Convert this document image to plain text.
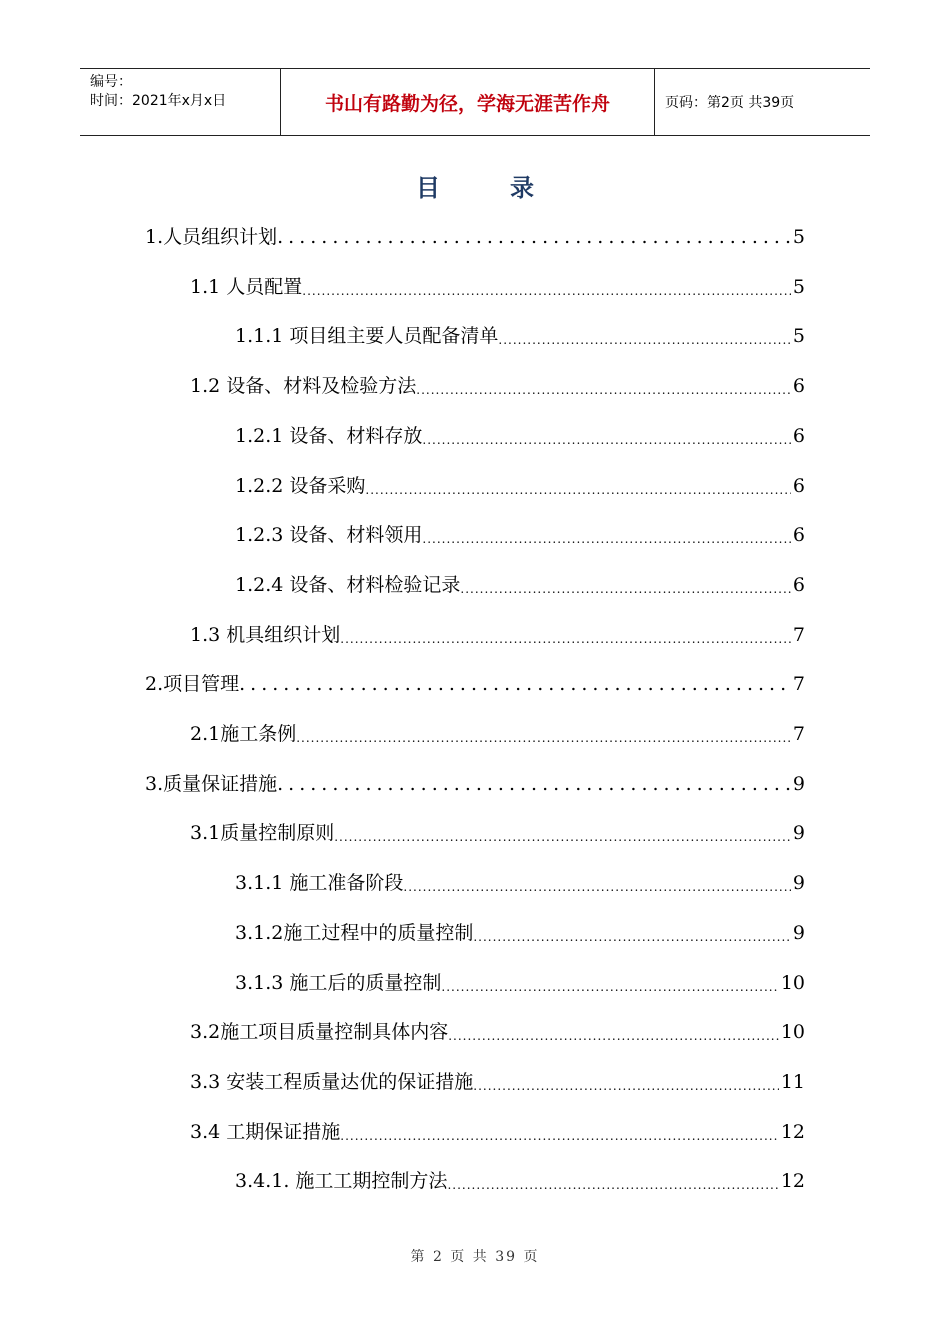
编号：
时间：2021年x月x日	书山有路勤为径，学海无涯苦作舟	页码：第2页 共39页
目录
1.人员组织计划 .....	5
1.1 人员配置 .....	5
1.1.1 项目组主要人员配备清单 .....	5
1.2 设备、材料及检验方法 .....	6
1.2.1 设备、材料存放 .....	6
1.2.2 设备采购 .....	6
1.2.3 设备、材料领用 .....	6
1.2.4 设备、材料检验记录 .....	6
1.3 机具组织计划 .....	7
2.项目管理 .....	7
2.1施工条例 .....	7
3.质量保证措施 .....	9
3.1质量控制原则 .....	9
3.1.1 施工准备阶段 .....	9
3.1.2施工过程中的质量控制 .....	9
3.1.3 施工后的质量控制 .....	10
3.2施工项目质量控制具体内容 .....	10
3.3 安装工程质量达优的保证措施 .....	11
3.4 工期保证措施 .....	12
3.4.1. 施工工期控制方法 .....	12
第 2 页 共 39 页
